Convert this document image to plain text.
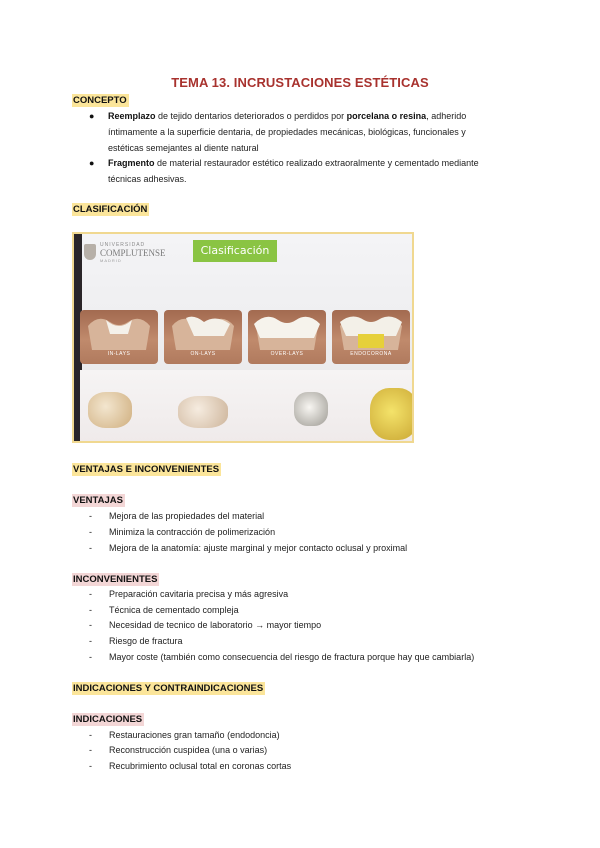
TEMA 13. INCRUSTACIONES ESTÉTICAS
CONCEPTO
● Reemplazo de tejido dentarios deteriorados o perdidos por porcelana o resina, adherido
íntimamente a la superficie dentaria, de propiedades mecánicas, biológicas, funcionales y
estéticas semejantes al diente natural
● Fragmento de material restaurador estético realizado extraoralmente y cementado mediante
técnicas adhesivas.
CLASIFICACIÓN
UNIVERSIDAD
COMPLUTENSE
MADRID
Clasificación
IN-LAYS	ON-LAYS	OVER-LAYS	ENDOCORONA
VENTAJAS E INCONVENIENTES
VENTAJAS
- Mejora de las propiedades del material
- Minimiza la contracción de polimerización
- Mejora de la anatomía: ajuste marginal y mejor contacto oclusal y proximal
INCONVENIENTES
- Preparación cavitaria precisa y más agresiva
- Técnica de cementado compleja
- Necesidad de tecnico de laboratorio → mayor tiempo
- Riesgo de fractura
- Mayor coste (también como consecuencia del riesgo de fractura porque hay que cambiarla)
INDICACIONES Y CONTRAINDICACIONES
INDICACIONES
- Restauraciones gran tamaño (endodoncia)
- Reconstrucción cuspidea (una o varias)
- Recubrimiento oclusal total en coronas cortas
